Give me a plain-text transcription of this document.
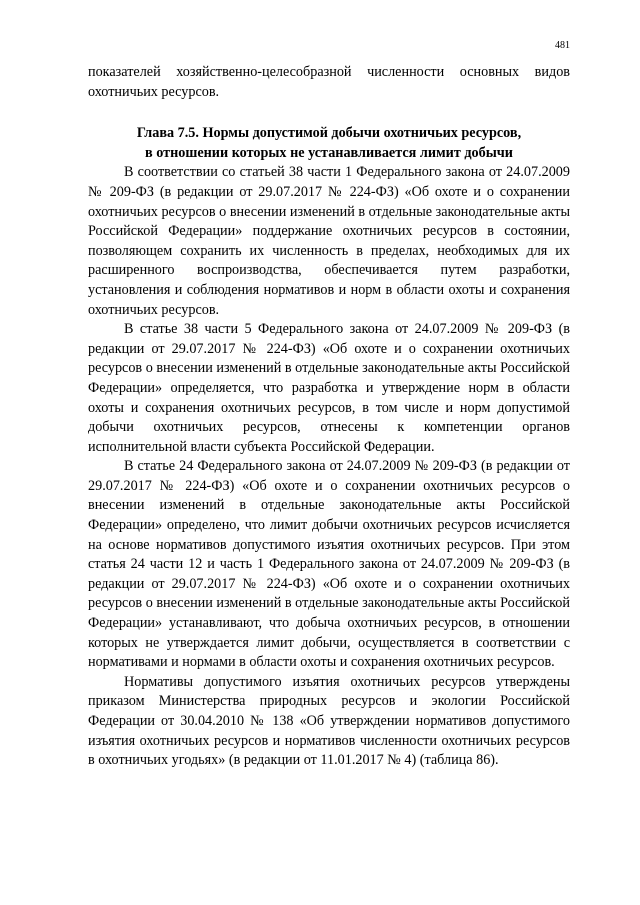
481

показателей хозяйственно-целесобразной численности основных видов охотничьих ресурсов.

Глава 7.5. Нормы допустимой добычи охотничьих ресурсов,
в отношении которых не устанавливается лимит добычи

В соответствии со статьей 38 части 1 Федерального закона от 24.07.2009 № 209-ФЗ (в редакции от 29.07.2017 № 224-ФЗ) «Об охоте и о сохранении охотничьих ресурсов о внесении изменений в отдельные законодательные акты Российской Федерации» поддержание охотничьих ресурсов в состоянии, позволяющем сохранить их численность в пределах, необходимых для их расширенного воспроизводства, обеспечивается путем разработки, установления и соблюдения нормативов и норм в области охоты и сохранения охотничьих ресурсов.

В статье 38 части 5 Федерального закона от 24.07.2009 № 209-ФЗ (в редакции от 29.07.2017 № 224-ФЗ) «Об охоте и о сохранении охотничьих ресурсов о внесении изменений в отдельные законодательные акты Российской Федерации» определяется, что разработка и утверждение норм в области охоты и сохранения охотничьих ресурсов, в том числе и норм допустимой добычи охотничьих ресурсов, отнесены к компетенции органов исполнительной власти субъекта Российской Федерации.

В статье 24 Федерального закона от 24.07.2009 № 209-ФЗ (в редакции от 29.07.2017 № 224-ФЗ) «Об охоте и о сохранении охотничьих ресурсов о внесении изменений в отдельные законодательные акты Российской Федерации» определено, что лимит добычи охотничьих ресурсов исчисляется на основе нормативов допустимого изъятия охотничьих ресурсов. При этом статья 24 части 12 и часть 1 Федерального закона от 24.07.2009 № 209-ФЗ (в редакции от 29.07.2017 № 224-ФЗ) «Об охоте и о сохранении охотничьих ресурсов о внесении изменений в отдельные законодательные акты Российской Федерации» устанавливают, что добыча охотничьих ресурсов, в отношении которых не утверждается лимит добычи, осуществляется в соответствии с нормативами и нормами в области охоты и сохранения охотничьих ресурсов.

Нормативы допустимого изъятия охотничьих ресурсов утверждены приказом Министерства природных ресурсов и экологии Российской Федерации от 30.04.2010 № 138 «Об утверждении нормативов допустимого изъятия охотничьих ресурсов и нормативов численности охотничьих ресурсов в охотничьих угодьях» (в редакции от 11.01.2017 № 4) (таблица 86).
